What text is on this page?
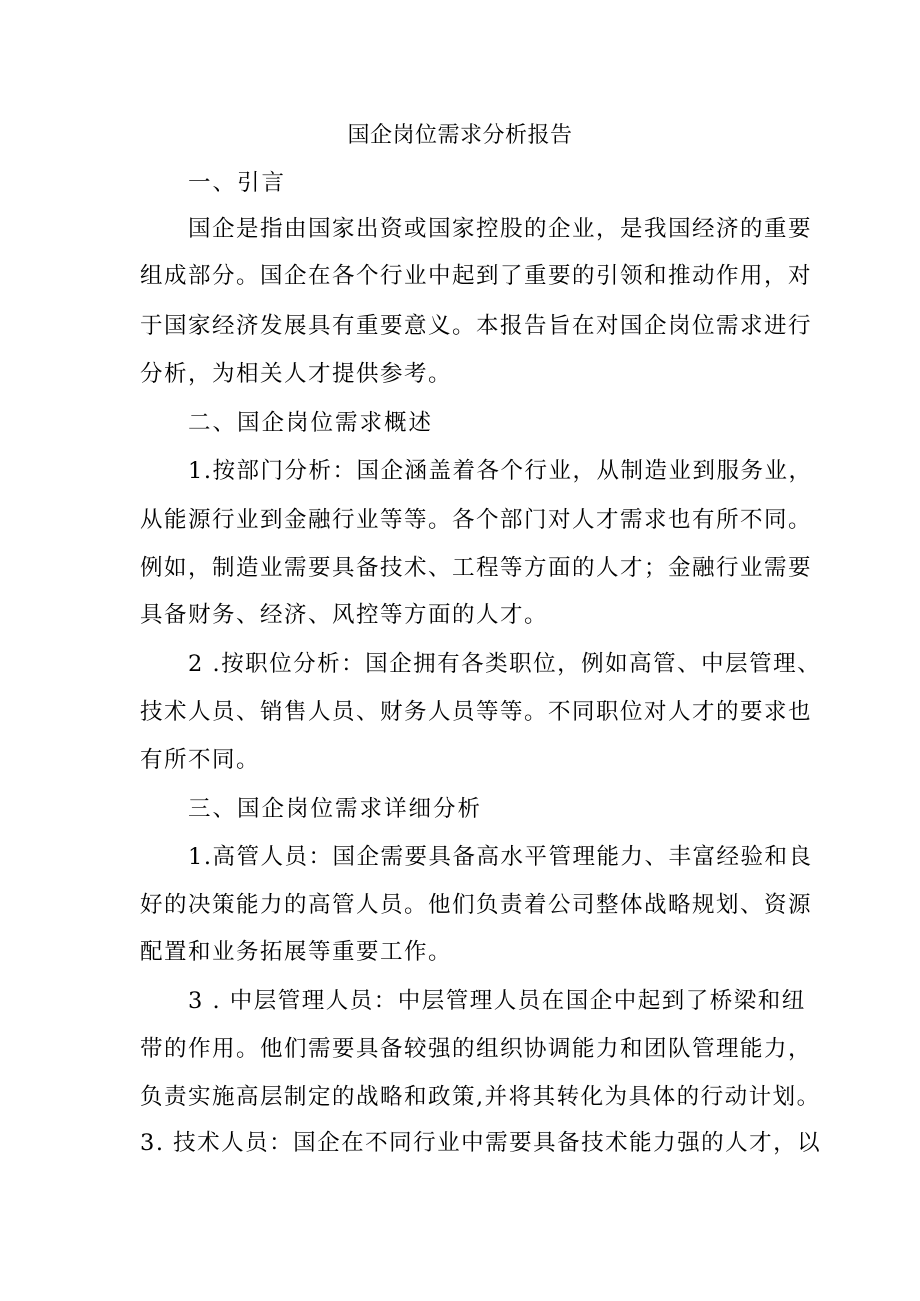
国企岗位需求分析报告
一、引言
国企是指由国家出资或国家控股的企业，是我国经济的重要
组成部分。国企在各个行业中起到了重要的引领和推动作用，对
于国家经济发展具有重要意义。本报告旨在对国企岗位需求进行
分析，为相关人才提供参考。
二、国企岗位需求概述
1.按部门分析：国企涵盖着各个行业，从制造业到服务业，
从能源行业到金融行业等等。各个部门对人才需求也有所不同。
例如，制造业需要具备技术、工程等方面的人才；金融行业需要
具备财务、经济、风控等方面的人才。
2 .按职位分析：国企拥有各类职位，例如高管、中层管理、
技术人员、销售人员、财务人员等等。不同职位对人才的要求也
有所不同。
三、国企岗位需求详细分析
1.高管人员：国企需要具备高水平管理能力、丰富经验和良
好的决策能力的高管人员。他们负责着公司整体战略规划、资源
配置和业务拓展等重要工作。
3 . 中层管理人员：中层管理人员在国企中起到了桥梁和纽
带的作用。他们需要具备较强的组织协调能力和团队管理能力，
负责实施高层制定的战略和政策,并将其转化为具体的行动计划。
3. 技术人员：国企在不同行业中需要具备技术能力强的人才，以
